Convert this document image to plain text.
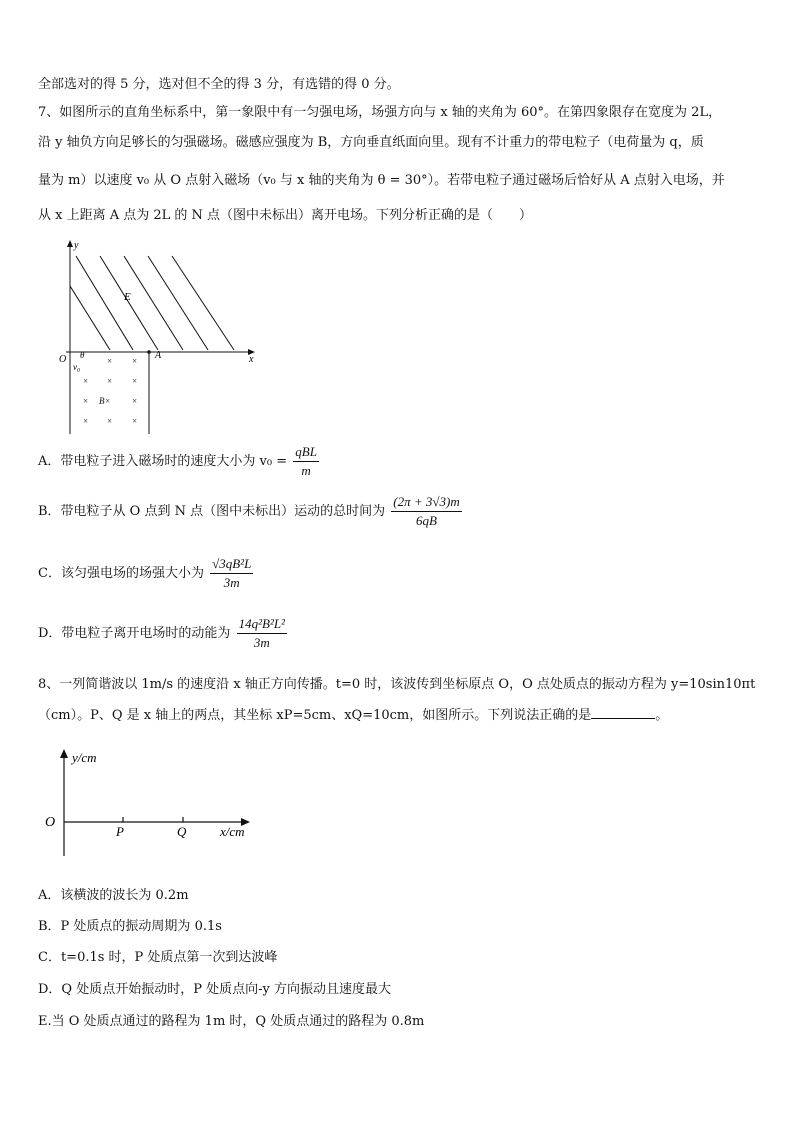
全部选对的得 5 分，选对但不全的得 3 分，有选错的得 0 分。
7、如图所示的直角坐标系中，第一象限中有一匀强电场，场强方向与 x 轴的夹角为 60°。在第四象限存在宽度为 2L，
沿 y 轴负方向足够长的匀强磁场。磁感应强度为 B，方向垂直纸面向里。现有不计重力的带电粒子（电荷量为 q，质
量为 m）以速度 v₀ 从 O 点射入磁场（v₀ 与 x 轴的夹角为 θ = 30°）。若带电粒子通过磁场后恰好从 A 点射入电场，并
从 x 上距离 A 点为 2L 的 N 点（图中未标出）离开电场。下列分析正确的是（　　）
y
x
O θ	A
E
v₀
× ×
× × ×
× B× ×
× × ×
A．带电粒子进入磁场时的速度大小为 $v_0 = \frac{\text{qBL}}{m}$
B．带电粒子从 O 点到 N 点（图中未标出）运动的总时间为 $\frac{(2\pi + 3√3)m}{6qB}$
C．该匀强电场的场强大小为 $\frac{\text{√3qB²L}}{3m}$
D．带电粒子离开电场时的动能为 $\frac{\text{14q²B²L²}}{3m}$
8、一列简谐波以 1m/s 的速度沿 x 轴正方向传播。t=0 时，该波传到坐标原点 O，O 点处质点的振动方程为 y=10sin10πt
（cm）。P、Q 是 x 轴上的两点，其坐标 xP=5cm、xQ=10cm，如图所示。下列说法正确的是	。
y/cm
x/cm
O
P	Q
A．该横波的波长为 0.2m
B．P 处质点的振动周期为 0.1s
C．t=0.1s 时，P 处质点第一次到达波峰
D．Q 处质点开始振动时，P 处质点向-y 方向振动且速度最大
E.当 O 处质点通过的路程为 1m 时，Q 处质点通过的路程为 0.8m
